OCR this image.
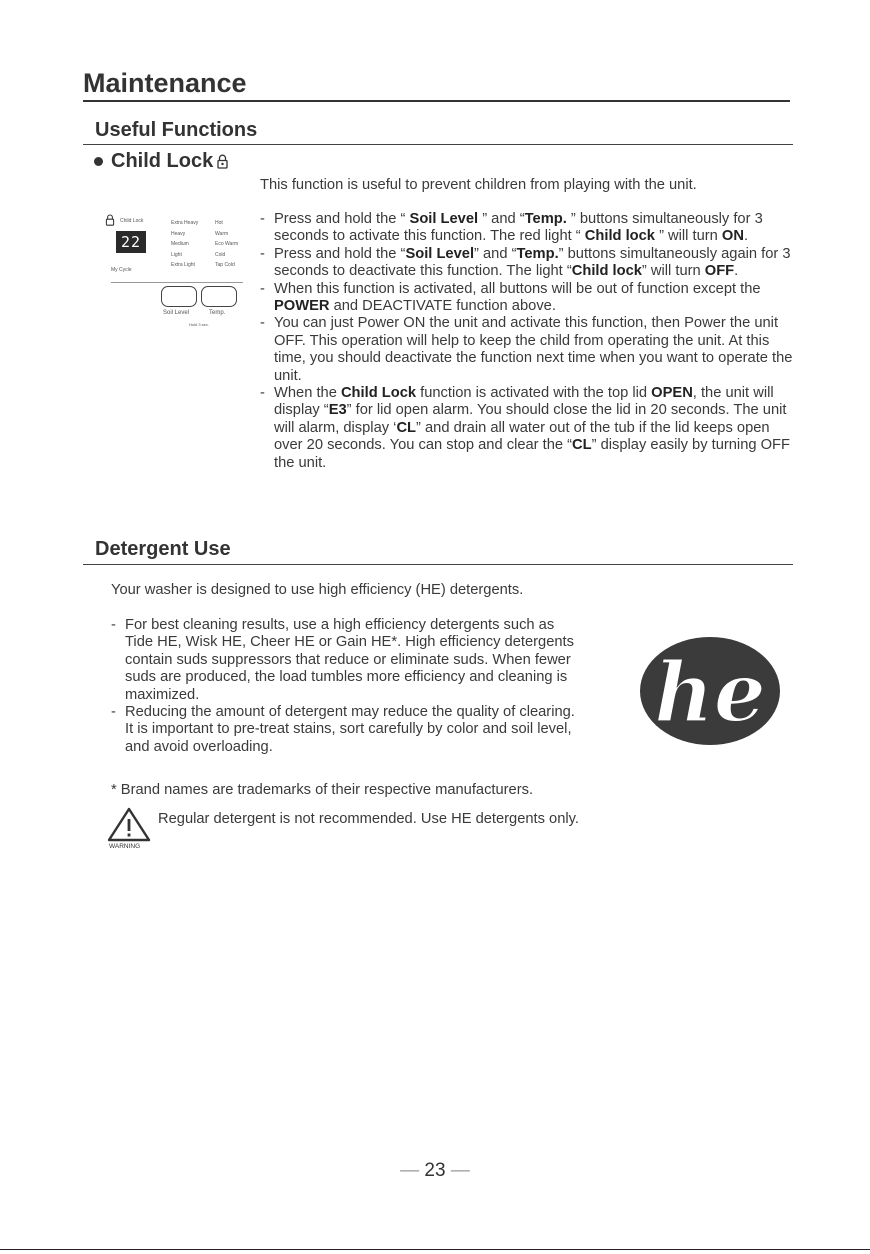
Maintenance
Useful Functions
Child Lock
This function is useful to prevent children from playing with the unit.
- Press and hold the “ Soil Level ” and “Temp. ” buttons simultaneously for 3 seconds to activate this function. The red light “ Child lock ” will turn ON.
- Press and hold the “Soil Level” and “Temp.” buttons simultaneously again for 3 seconds to deactivate this function. The light “Child lock” will turn OFF.
- When this function is activated, all buttons will be out of function except the POWER and DEACTIVATE function above.
- You can just Power ON the unit and activate this function, then Power the unit OFF. This operation will help to keep the child from operating the unit. At this time, you should deactivate the function next time when you want to operate the unit.
- When the Child Lock function is activated with the top lid OPEN, the unit will display “E3” for lid open alarm. You should close the lid in 20 seconds. The unit will alarm, display ‘CL” and drain all water out of the tub if the lid keeps open over 20 seconds. You can stop and clear the “CL” display easily by turning OFF the unit.
Child Lock
My Cycle
Extra Heavy
Heavy
Medium
Light
Extra Light
Hot
Warm
Eco Warm
Cold
Tap Cold
Soil Level	Temp.
Hold 3 sec.
22
Detergent Use
Your washer is designed to use high efficiency (HE) detergents.
- For best cleaning results, use a high efficiency detergents such as Tide HE, Wisk HE, Cheer HE or Gain HE*. High efficiency detergents contain suds suppressors that reduce or eliminate suds. When fewer suds are produced, the load tumbles more efficiency and cleaning is maximized.
- Reducing the amount of detergent may reduce the quality of clearing. It is important to pre-treat stains, sort carefully by color and soil level, and avoid overloading.
* Brand names are trademarks of their respective manufacturers.
WARNING
Regular detergent is not recommended. Use HE detergents only.
he
— 23 —
